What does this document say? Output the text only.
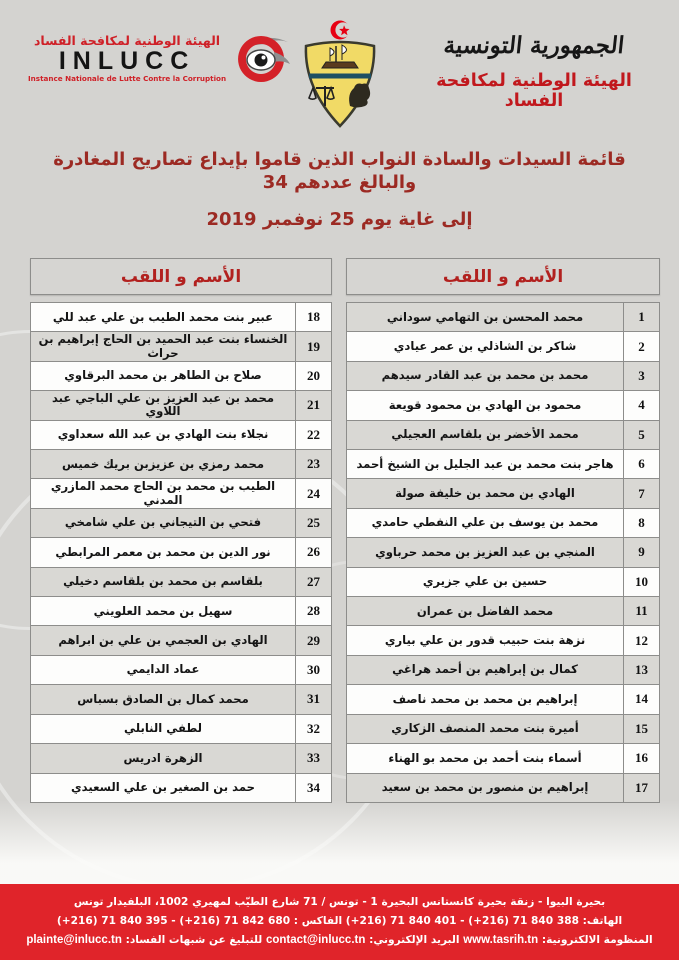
الهيئة الوطنية لمكافحة الفساد
INLUCC
Instance Nationale de Lutte Contre la Corruption
الجمهورية التونسية
الهيئة الوطنية لمكافحة الفساد
قائمة السيدات والسادة النواب الذين قاموا بإيداع تصاريح المغادرة والبالغ عددهم 34
إلى غاية يوم 25 نوفمبر 2019
الأسم و اللقب
1
محمد المحسن بن التهامي سوداني
2
شاكر بن الشاذلي بن عمر عيادي
3
محمد بن محمد بن عبد القادر سيدهم
4
محمود بن الهادي بن محمود قويعة
5
محمد الأخضر بن بلقاسم العجيلي
6
هاجر بنت محمد بن عبد الجليل بن الشيخ أحمد
7
الهادي بن محمد بن خليفة صولة
8
محمد بن يوسف بن علي النفطي حامدي
9
المنجي بن عبد العزيز بن محمد حرباوي
10
حسين بن علي جزيري
11
محمد الفاضل بن عمران
12
نزهة بنت حبيب قدور بن علي بياري
13
كمال بن إبراهيم بن أحمد هراغي
14
إبراهيم بن محمد بن محمد ناصف
15
أميرة بنت محمد المنصف الزكاري
16
أسماء بنت أحمد بن محمد بو الهناء
17
إبراهيم بن منصور بن محمد بن سعيد
الأسم و اللقب
18
عبير بنت محمد الطيب بن علي عبد للي
19
الخنساء بنت عبد الحميد بن الحاج إبراهيم بن حراث
20
صلاح بن الطاهر بن محمد البرقاوي
21
محمد بن عبد العزيز بن علي الباجي عبد اللاوي
22
نجلاء بنت الهادي بن عبد الله سعداوي
23
محمد رمزي بن عزيزبن بريك خميس
24
الطيب بن محمد بن الحاج محمد المازري المدني
25
فتحي بن التيجاني بن علي شامخي
26
نور الدين بن محمد بن معمر المرابطي
27
بلقاسم بن محمد بن بلقاسم دخيلي
28
سهيل بن محمد العلويني
29
الهادي بن العجمي بن علي بن ابراهم
30
عماد الدايمي
31
محمد كمال بن الصادق بسباس
32
لطفي النابلي
33
الزهرة ادريس
34
حمد بن الصغير بن علي السعيدي
بحيرة البيوا - زنقة بحيرة كانستانس البحيرة 1 - تونس / 71 شارع الطيّب لمهيري 1002، البلفيدار تونس
الهاتف: (+216) 71 840 401 - (+216) 71 840 388 الفاكس : (+216) 71 840 395 - (+216) 71 842 680
المنظومة الالكترونية: www.tasrih.tn البريد الإلكتروني: contact@inlucc.tn للتبليغ عن شبهات الفساد: plainte@inlucc.tn
